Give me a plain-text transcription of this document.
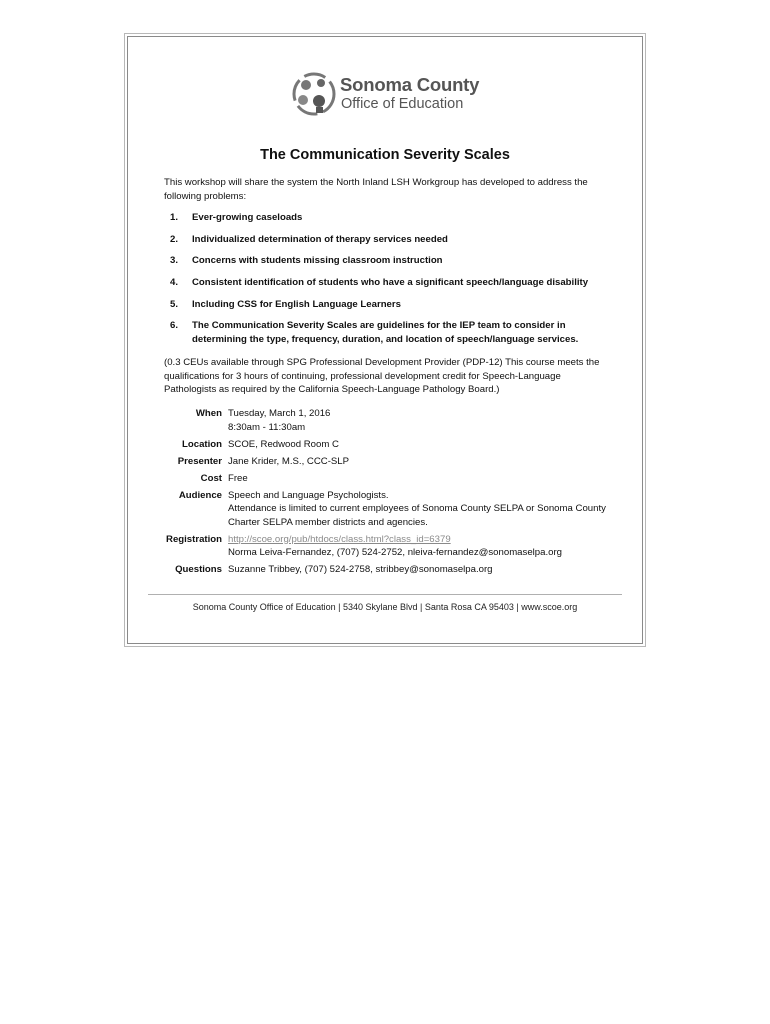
Sonoma County
Office of Education
The Communication Severity Scales
This workshop will share the system the North Inland LSH Workgroup has developed to address the following problems:
1.	Ever-growing caseloads
2.	Individualized determination of therapy services needed
3.	Concerns with students missing classroom instruction
4.	Consistent identification of students who have a significant speech/language disability
5.	Including CSS for English Language Learners
6.	The Communication Severity Scales are guidelines for the IEP team to consider in determining the type, frequency, duration, and location of speech/language services.
(0.3 CEUs available through SPG Professional Development Provider (PDP-12) This course meets the qualifications for 3 hours of continuing, professional development credit for Speech-Language Pathologists as required by the California Speech-Language Pathology Board.)
When Tuesday, March 1, 2016
8:30am - 11:30am
Location SCOE, Redwood Room C
Presenter Jane Krider, M.S., CCC-SLP
Cost Free
Audience Speech and Language Psychologists.
Attendance is limited to current employees of Sonoma County SELPA or Sonoma County Charter SELPA member districts and agencies.
Registration http://scoe.org/pub/htdocs/class.html?class_id=6379
Norma Leiva-Fernandez, (707) 524-2752, nleiva-fernandez@sonomaselpa.org
Questions Suzanne Tribbey, (707) 524-2758, stribbey@sonomaselpa.org
Sonoma County Office of Education | 5340 Skylane Blvd | Santa Rosa CA 95403 | www.scoe.org
